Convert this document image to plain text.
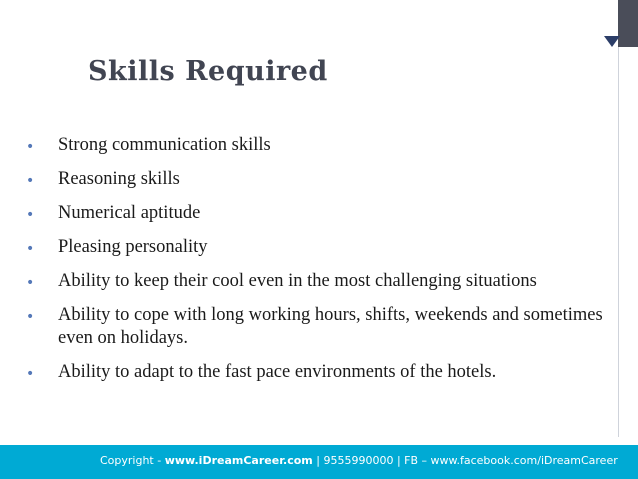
Skills Required
• Strong communication skills
• Reasoning skills
• Numerical aptitude
• Pleasing personality
• Ability to keep their cool even in the most challenging situations
• Ability to cope with long working hours, shifts, weekends and sometimes even on holidays.
• Ability to adapt to the fast pace environments of the hotels.
Copyright - www.iDreamCareer.com | 9555990000 | FB – www.facebook.com/iDreamCareer
